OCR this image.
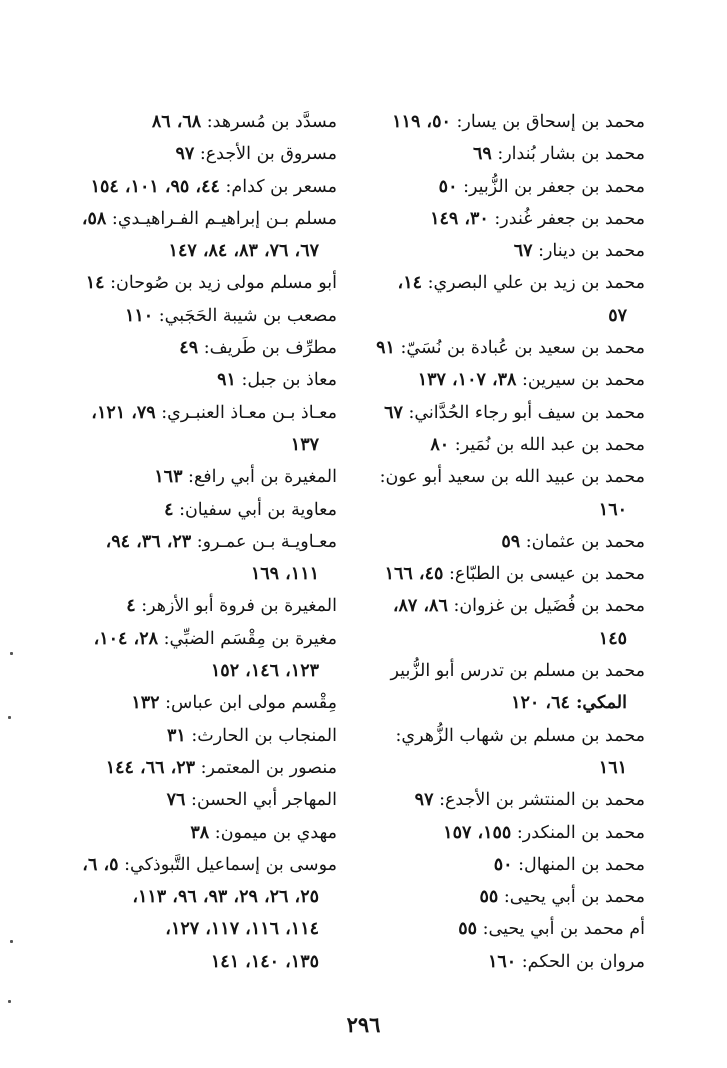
محمد بن إسحاق بن يسار: ٥٠، ١١٩
محمد بن بشار بُندار: ٦٩
محمد بن جعفر بن الزُّبير: ٥٠
محمد بن جعفر غُندر: ٣٠، ١٤٩
محمد بن دينار: ٦٧
محمد بن زيد بن علي البصري: ١٤،
٥٧
محمد بن سعيد بن عُبادة بن نُسَيّ: ٩١
محمد بن سيرين: ٣٨، ١٠٧، ١٣٧
محمد بن سيف أبو رجاء الحُدَّاني: ٦٧
محمد بن عبد الله بن نُمَير: ٨٠
محمد بن عبيد الله بن سعيد أبو عون:
١٦٠
محمد بن عثمان: ٥٩
محمد بن عيسى بن الطبّاع: ٤٥، ١٦٦
محمد بن فُضَيل بن غزوان: ٨٦، ٨٧،
١٤٥
محمد بن مسلم بن تدرس أبو الزُّبير
المكي: ٦٤، ١٢٠
محمد بن مسلم بن شهاب الزُّهري:
١٦١
محمد بن المنتشر بن الأجدع: ٩٧
محمد بن المنكدر: ١٥٥، ١٥٧
محمد بن المنهال: ٥٠
محمد بن أبي يحيى: ٥٥
أم محمد بن أبي يحيى: ٥٥
مروان بن الحكم: ١٦٠
مسدَّد بن مُسرهد: ٦٨، ٨٦
مسروق بن الأجدع: ٩٧
مسعر بن كدام: ٤٤، ٩٥، ١٠١، ١٥٤
مسلم بـن إبراهيـم الفـراهيـدي: ٥٨،
٦٧، ٧٦، ٨٣، ٨٤، ١٤٧
أبو مسلم مولى زيد بن صُوحان: ١٤
مصعب بن شيبة الحَجَبي: ١١٠
مطرِّف بن طَريف: ٤٩
معاذ بن جبل: ٩١
معـاذ بـن معـاذ العنبـري: ٧٩، ١٢١،
١٣٧
المغيرة بن أبي رافع: ١٦٣
معاوية بن أبي سفيان: ٤
معـاويـة بـن عمـرو: ٢٣، ٣٦، ٩٤،
١١١، ١٦٩
المغيرة بن فروة أبو الأزهر: ٤
مغيرة بن مِقْسَم الضبِّي: ٢٨، ١٠٤،
١٢٣، ١٤٦، ١٥٢
مِقْسم مولى ابن عباس: ١٣٢
المنجاب بن الحارث: ٣١
منصور بن المعتمر: ٢٣، ٦٦، ١٤٤
المهاجر أبي الحسن: ٧٦
مهدي بن ميمون: ٣٨
موسى بن إسماعيل التَّبوذكي: ٥، ٦،
٢٥، ٢٦، ٢٩، ٩٣، ٩٦، ١١٣،
١١٤، ١١٦، ١١٧، ١٢٧،
١٣٥، ١٤٠، ١٤١
٢٩٦
